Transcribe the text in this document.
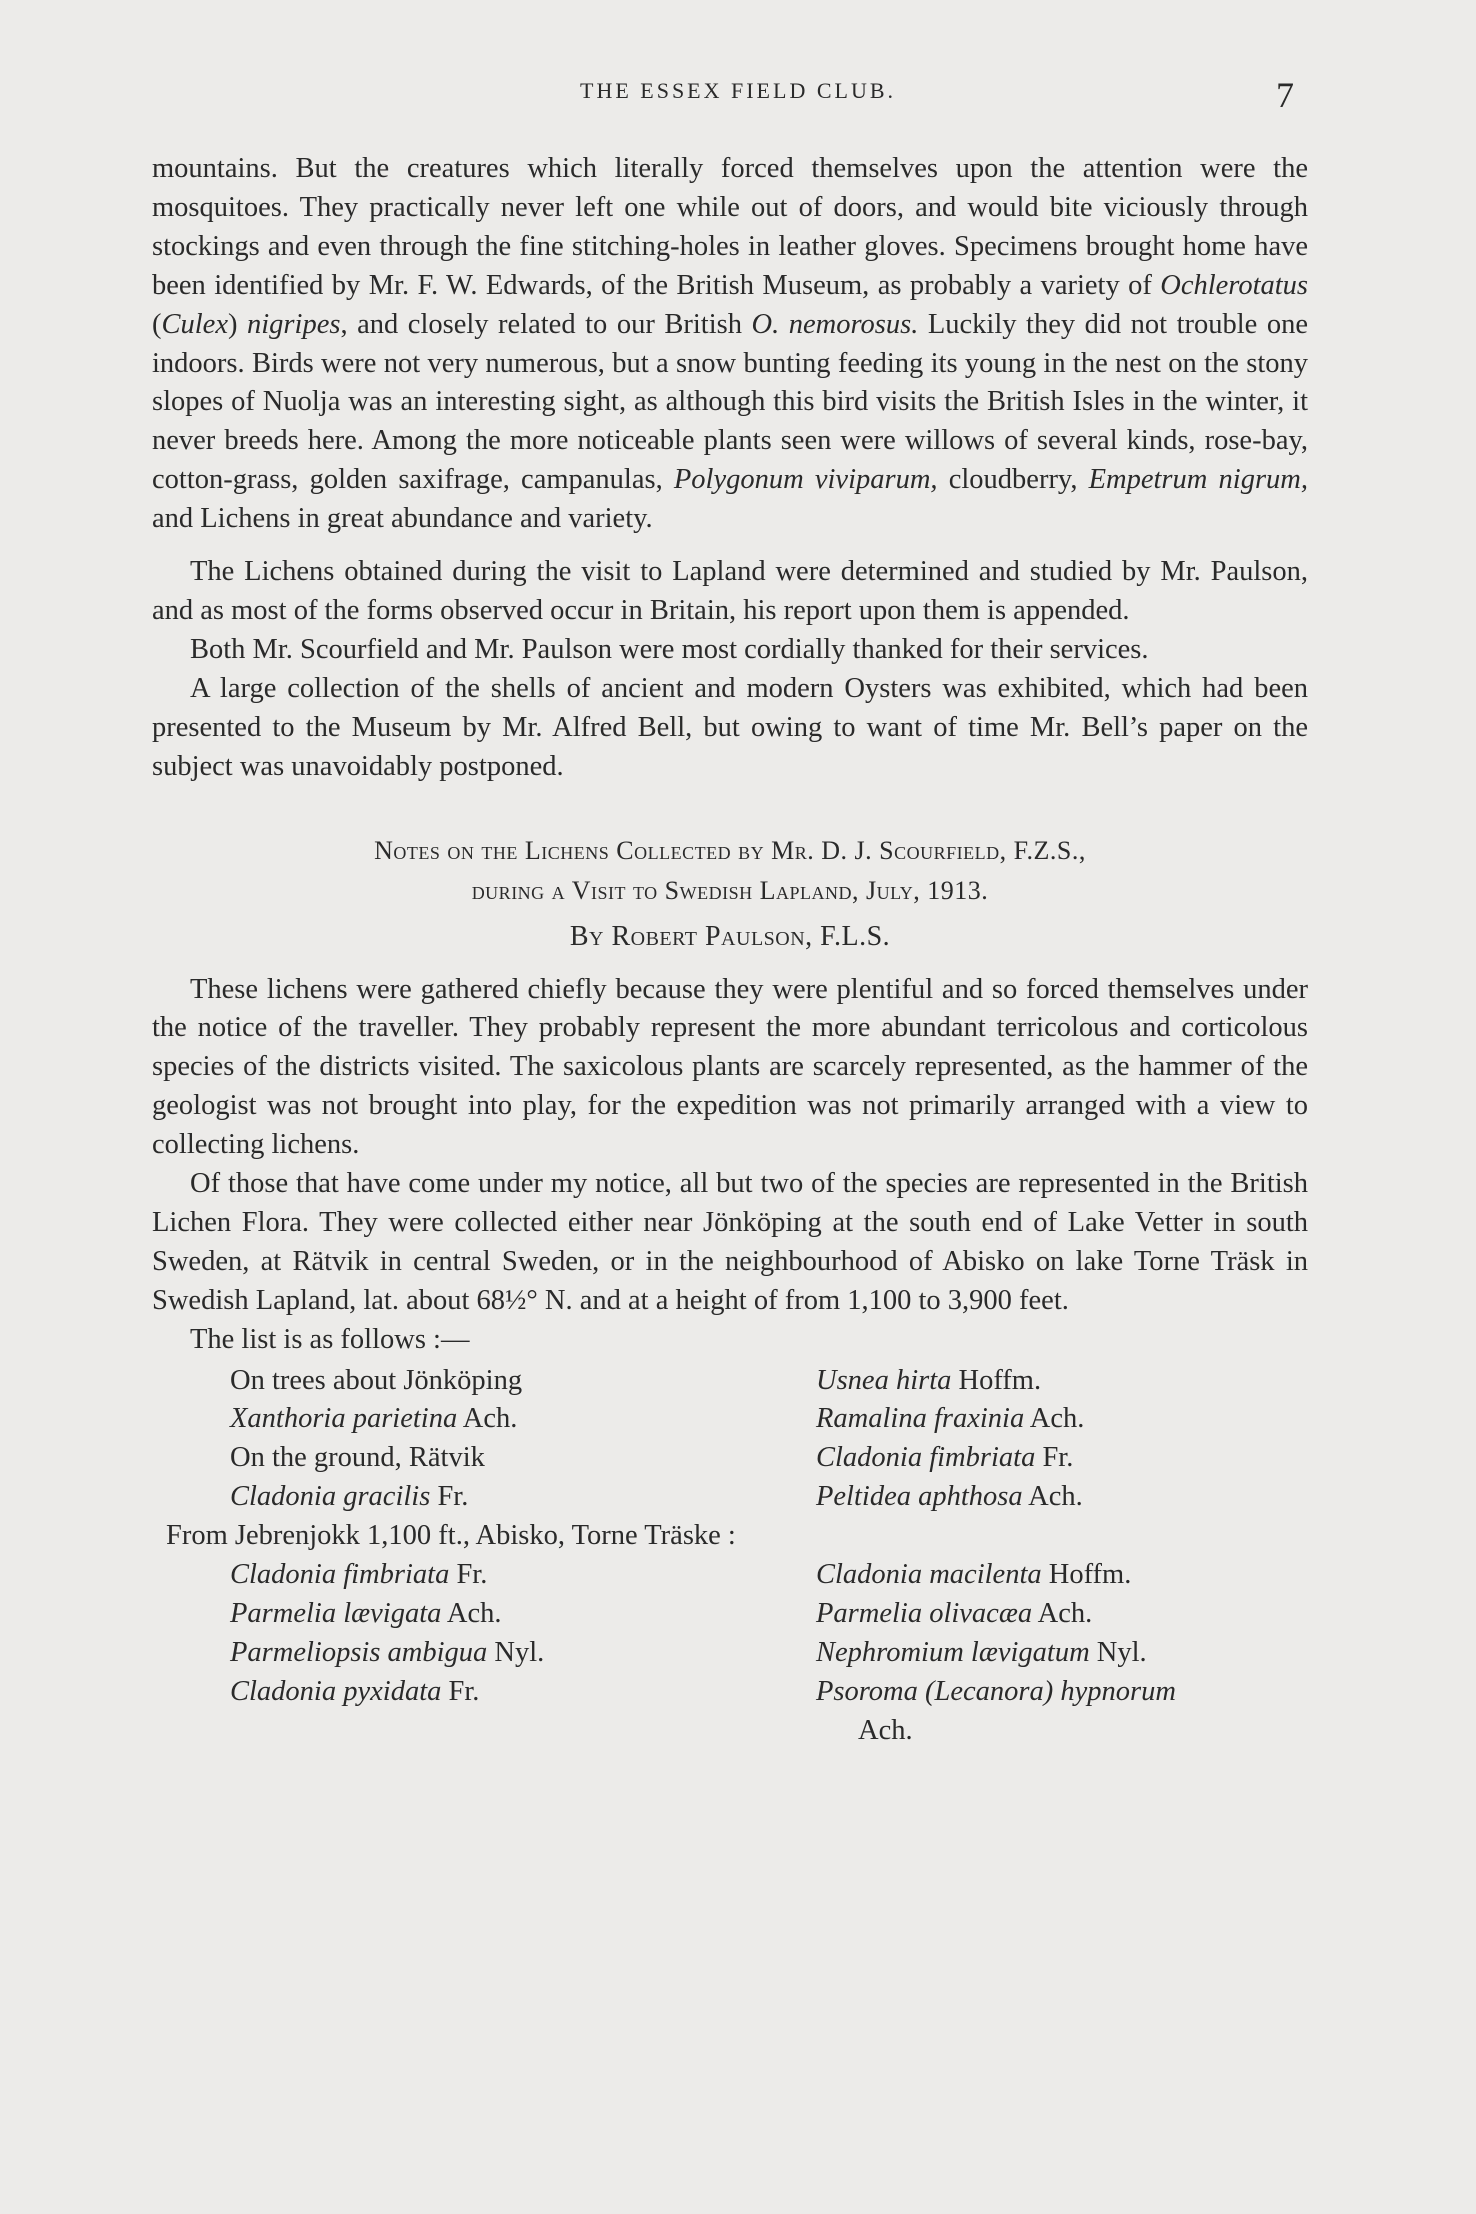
THE ESSEX FIELD CLUB.	7

mountains. But the creatures which literally forced themselves upon the attention were the mosquitoes. They practically never left one while out of doors, and would bite viciously through stockings and even through the fine stitching-holes in leather gloves. Specimens brought home have been identified by Mr. F. W. Edwards, of the British Museum, as probably a variety of Ochlerotatus (Culex) nigripes, and closely related to our British O. nemorosus. Luckily they did not trouble one indoors. Birds were not very numerous, but a snow bunting feeding its young in the nest on the stony slopes of Nuolja was an interesting sight, as although this bird visits the British Isles in the winter, it never breeds here. Among the more noticeable plants seen were willows of several kinds, rose-bay, cotton-grass, golden saxifrage, campanulas, Polygonum viviparum, cloudberry, Empetrum nigrum, and Lichens in great abundance and variety.

The Lichens obtained during the visit to Lapland were determined and studied by Mr. Paulson, and as most of the forms observed occur in Britain, his report upon them is appended.

Both Mr. Scourfield and Mr. Paulson were most cordially thanked for their services.

A large collection of the shells of ancient and modern Oysters was exhibited, which had been presented to the Museum by Mr. Alfred Bell, but owing to want of time Mr. Bell’s paper on the subject was unavoidably postponed.

Notes on the Lichens Collected by Mr. D. J. Scourfield, F.Z.S.,
during a Visit to Swedish Lapland, July, 1913.
By Robert Paulson, F.L.S.

These lichens were gathered chiefly because they were plentiful and so forced themselves under the notice of the traveller. They probably represent the more abundant terricolous and corticolous species of the districts visited. The saxicolous plants are scarcely represented, as the hammer of the geologist was not brought into play, for the expedition was not primarily arranged with a view to collecting lichens.

Of those that have come under my notice, all but two of the species are represented in the British Lichen Flora. They were collected either near Jönköping at the south end of Lake Vetter in south Sweden, at Rätvik in central Sweden, or in the neighbourhood of Abisko on lake Torne Träsk in Swedish Lapland, lat. about 68½° N. and at a height of from 1,100 to 3,900 feet.

The list is as follows :—

On trees about Jönköping	Usnea hirta Hoffm.
Xanthoria parietina Ach.	Ramalina fraxinia Ach.
On the ground, Rätvik	Cladonia fimbriata Fr.
Cladonia gracilis Fr.	Peltidea aphthosa Ach.
From Jebrenjokk 1,100 ft., Abisko, Torne Träske :
Cladonia fimbriata Fr.	Cladonia macilenta Hoffm.
Parmelia lævigata Ach.	Parmelia olivacæa Ach.
Parmeliopsis ambigua Nyl.	Nephromium lævigatum Nyl.
Cladonia pyxidata Fr.	Psoroma (Lecanora) hypnorum
Ach.
